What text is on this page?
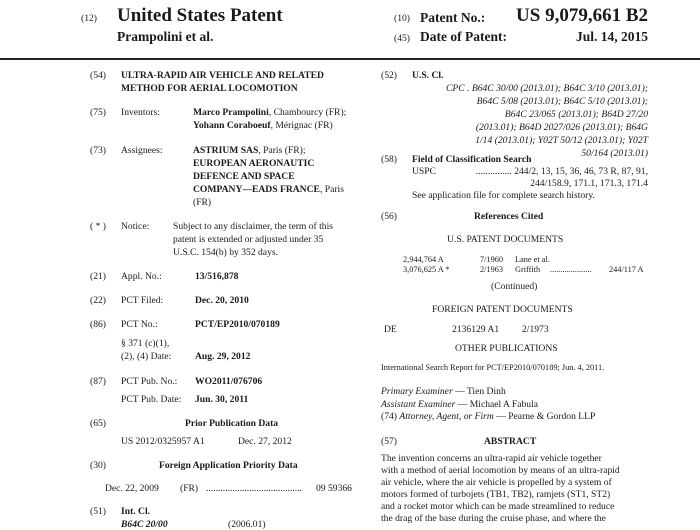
(12) United States Patent
Prampolini et al.
(10) Patent No.: US 9,079,661 B2
(45) Date of Patent:	Jul. 14, 2015
(54) ULTRA-RAPID AIR VEHICLE AND RELATED
METHOD FOR AERIAL LOCOMOTION
(75) Inventors:	Marco Prampolini, Chambourcy (FR);
Yohann Coraboeuf, Mérignac (FR)
(73) Assignees:	ASTRIUM SAS, Paris (FR);
EUROPEAN AERONAUTIC
DEFENCE AND SPACE
COMPANY—EADS FRANCE, Paris
(FR)
( * ) Notice: Subject to any disclaimer, the term of this
patent is extended or adjusted under 35
U.S.C. 154(b) by 352 days.
(21) Appl. No.:	13/516,878
(22) PCT Filed:	Dec. 20, 2010
(86) PCT No.:	PCT/EP2010/070189
§ 371 (c)(1),
(2), (4) Date: Aug. 29, 2012
(87) PCT Pub. No.: WO2011/076706
PCT Pub. Date: Jun. 30, 2011
(65)	Prior Publication Data
US 2012/0325957 A1	Dec. 27, 2012
(30)	Foreign Application Priority Data
Dec. 22, 2009 (FR) ........................................ 09 59366
(51) Int. Cl.
B64C 20/00	(2006.01)
(52) U.S. Cl.
CPC . B64C 30/00 (2013.01); B64C 3/10 (2013.01);
B64C 5/08 (2013.01); B64C 5/10 (2013.01);
B64C 23/065 (2013.01); B64D 27/20
(2013.01); B64D 2027/026 (2013.01); B64G
1/14 (2013.01); Y02T 50/12 (2013.01); Y02T
50/164 (2013.01)
(58) Field of Classification Search
USPC	............... 244/2, 13, 15, 36, 46, 73 R, 87, 91,
244/158.9, 171.1, 171.3, 171.4
See application file for complete search history.
(56)	References Cited
U.S. PATENT DOCUMENTS
2,944,764 A	7/1960 Lane et al.
3,076,625 A *	2/1963 Griffith .................... 244/117 A
(Continued)
FOREIGN PATENT DOCUMENTS
DE	2136129 A1 2/1973
OTHER PUBLICATIONS
International Search Report for PCT/EP2010/070189; Jun. 4, 2011.
Primary Examiner — Tien Dinh
Assistant Examiner — Michael A Fabula
(74) Attorney, Agent, or Firm — Pearne & Gordon LLP
(57)	ABSTRACT
The invention concerns an ultra-rapid air vehicle together
with a method of aerial locomotion by means of an ultra-rapid
air vehicle, where the air vehicle is propelled by a system of
motors formed of turbojets (TB1, TB2), ramjets (ST1, ST2)
and a rocket motor which can be made streamlined to reduce
the drag of the base during the cruise phase, and where the
